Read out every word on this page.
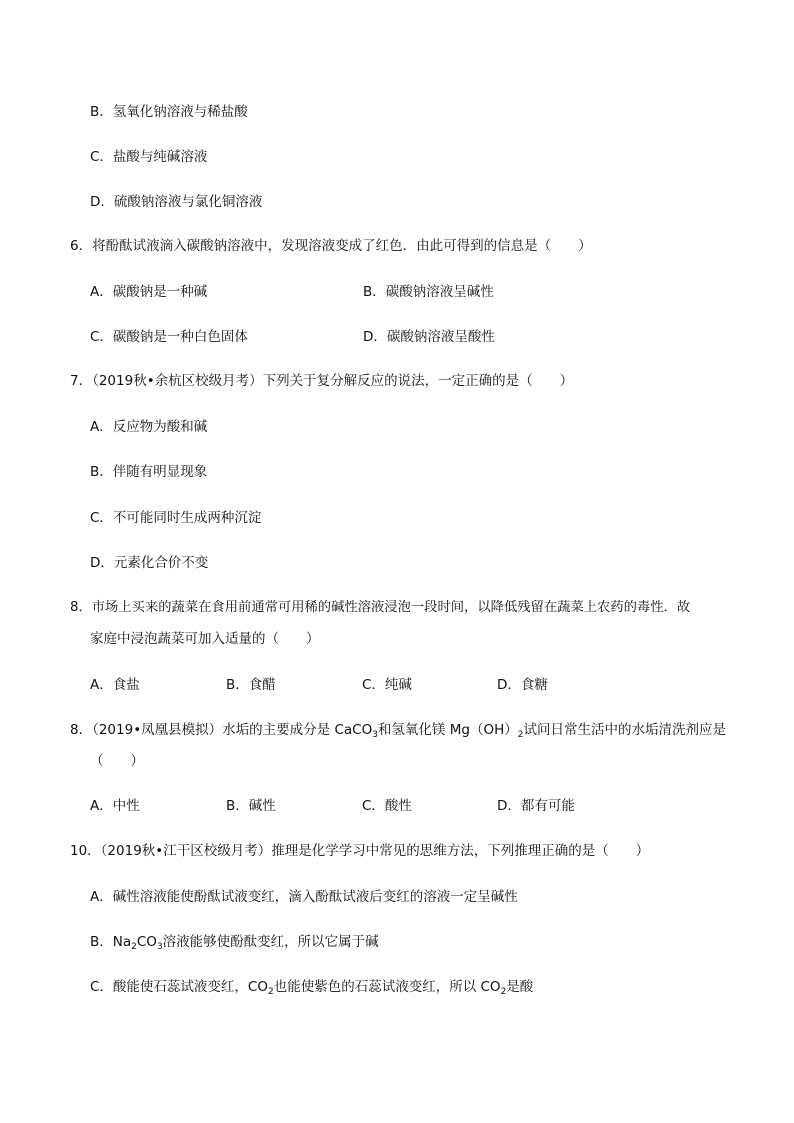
B．氢氧化钠溶液与稀盐酸
C．盐酸与纯碱溶液
D．硫酸钠溶液与氯化铜溶液
6．将酚酞试液滴入碳酸钠溶液中，发现溶液变成了红色．由此可得到的信息是（　　）
A．碳酸钠是一种碱	B．碳酸钠溶液呈碱性
C．碳酸钠是一种白色固体	D．碳酸钠溶液呈酸性
7．（2019秋•余杭区校级月考）下列关于复分解反应的说法，一定正确的是（　　）
A．反应物为酸和碱
B．伴随有明显现象
C．不可能同时生成两种沉淀
D．元素化合价不变
8．市场上买来的蔬菜在食用前通常可用稀的碱性溶液浸泡一段时间，以降低残留在蔬菜上农药的毒性．故
家庭中浸泡蔬菜可加入适量的（　　）
A．食盐	B．食醋	C．纯碱	D．食糖
8．（2019•凤凰县模拟）水垢的主要成分是 CaCO$_3$和氢氧化镁 $Mg(OH)_2$试问日常生活中的水垢清洗剂应是
（　　）
A．中性	B．碱性	C．酸性	D．都有可能
10．（2019秋•江干区校级月考）推理是化学学习中常见的思维方法，下列推理正确的是（　　）
A．碱性溶液能使酚酞试液变红，滴入酚酞试液后变红的溶液一定呈碱性
B．$Na_2CO_3$溶液能够使酚酞变红，所以它属于碱
C．酸能使石蕊试液变红，$CO_2$也能使紫色的石蕊试液变红，所以 $CO_2$是酸
